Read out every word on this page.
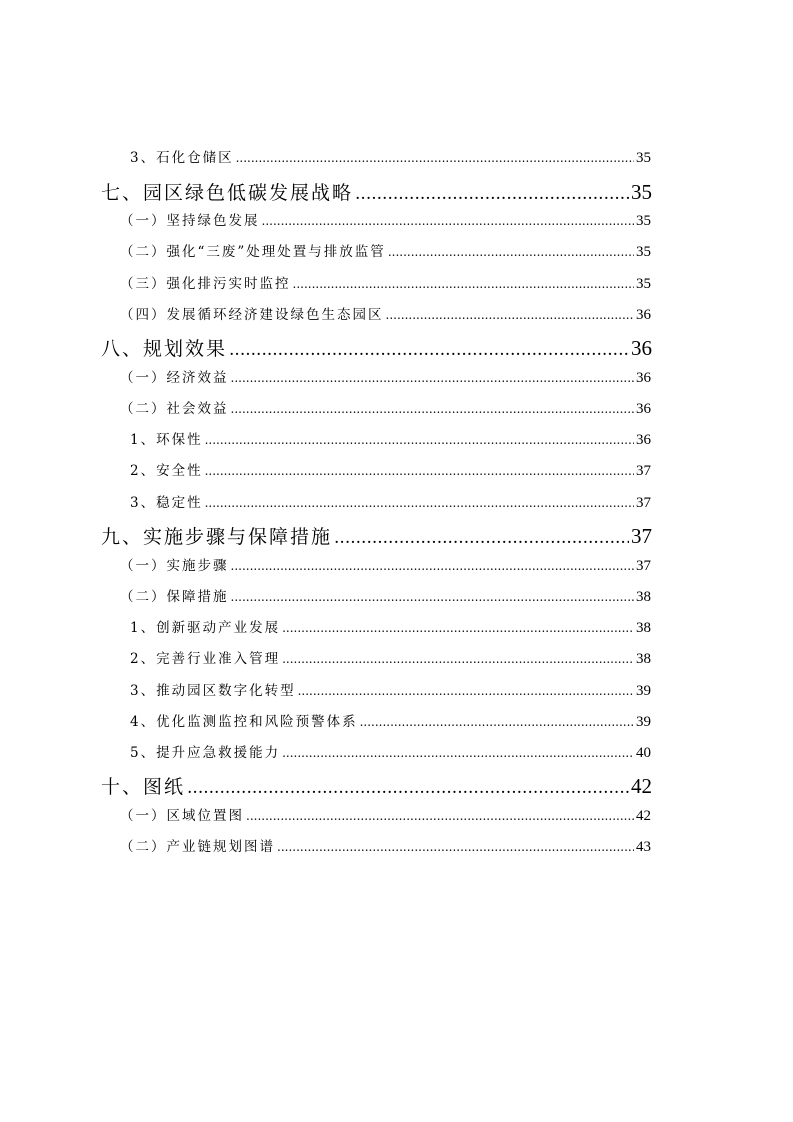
3、石化仓储区 .....	35
七、园区绿色低碳发展战略 .....	35
（一）坚持绿色发展 .....	35
（二）强化“三废”处理处置与排放监管 .....	35
（三）强化排污实时监控 .....	35
（四）发展循环经济建设绿色生态园区 .....	36
八、规划效果 .....	36
（一）经济效益 .....	36
（二）社会效益 .....	36
1、环保性 .....	36
2、安全性 .....	37
3、稳定性 .....	37
九、实施步骤与保障措施 .....	37
（一）实施步骤 .....	37
（二）保障措施 .....	38
1、创新驱动产业发展 .....	38
2、完善行业准入管理 .....	38
3、推动园区数字化转型 .....	39
4、优化监测监控和风险预警体系 .....	39
5、提升应急救援能力 .....	40
十、图纸 .....	42
（一）区域位置图 .....	42
（二）产业链规划图谱 .....	43
